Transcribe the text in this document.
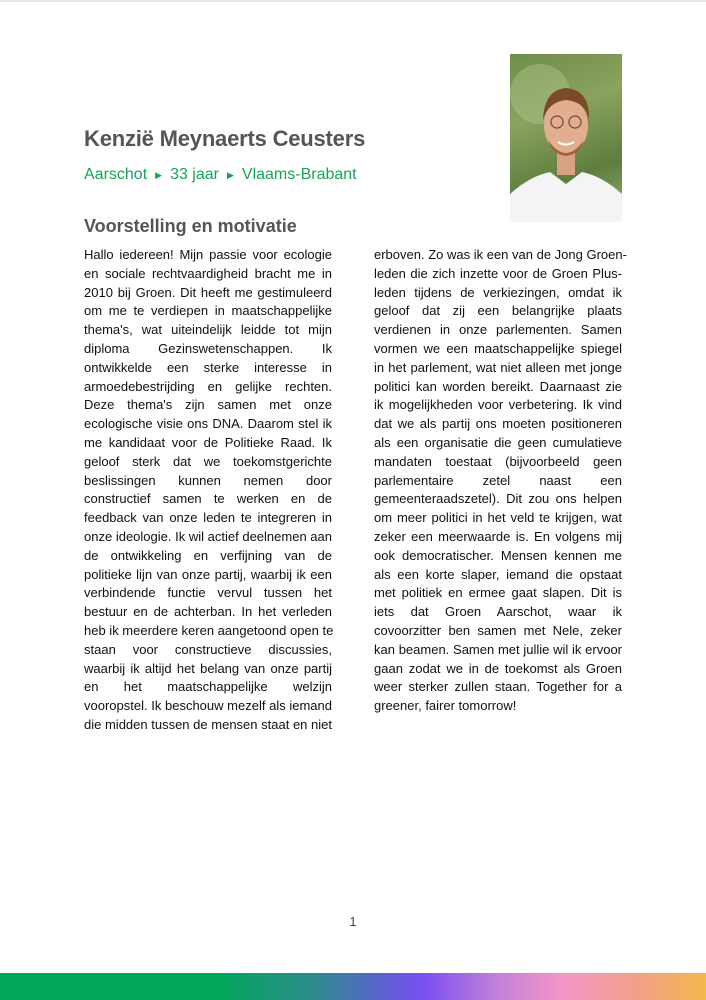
Kenzië Meynaerts Ceusters
Aarschot ▶ 33 jaar ▶ Vlaams-Brabant
Voorstelling en motivatie
Hallo iedereen! Mijn passie voor ecologie
en sociale rechtvaardigheid bracht me in
2010 bij Groen. Dit heeft me gestimuleerd
om me te verdiepen in maatschappelijke
thema's, wat uiteindelijk leidde tot mijn
diploma Gezinswetenschappen. Ik
ontwikkelde een sterke interesse in
armoedebestrijding en gelijke rechten.
Deze thema's zijn samen met onze
ecologische visie ons DNA. Daarom stel ik
me kandidaat voor de Politieke Raad. Ik
geloof sterk dat we toekomstgerichte
beslissingen kunnen nemen door
constructief samen te werken en de
feedback van onze leden te integreren in
onze ideologie. Ik wil actief deelnemen aan
de ontwikkeling en verfijning van de
politieke lijn van onze partij, waarbij ik een
verbindende functie vervul tussen het
bestuur en de achterban. In het verleden
heb ik meerdere keren aangetoond open te
staan voor constructieve discussies,
waarbij ik altijd het belang van onze partij
en het maatschappelijke welzijn
vooropstel. Ik beschouw mezelf als iemand
die midden tussen de mensen staat en niet
erboven. Zo was ik een van de Jong Groen-
leden die zich inzette voor de Groen Plus-
leden tijdens de verkiezingen, omdat ik
geloof dat zij een belangrijke plaats
verdienen in onze parlementen. Samen
vormen we een maatschappelijke spiegel
in het parlement, wat niet alleen met jonge
politici kan worden bereikt. Daarnaast zie
ik mogelijkheden voor verbetering. Ik vind
dat we als partij ons moeten positioneren
als een organisatie die geen cumulatieve
mandaten toestaat (bijvoorbeeld geen
parlementaire zetel naast een
gemeenteraadszetel). Dit zou ons helpen
om meer politici in het veld te krijgen, wat
zeker een meerwaarde is. En volgens mij
ook democratischer. Mensen kennen me
als een korte slaper, iemand die opstaat
met politiek en ermee gaat slapen. Dit is
iets dat Groen Aarschot, waar ik
covoorzitter ben samen met Nele, zeker
kan beamen. Samen met jullie wil ik ervoor
gaan zodat we in de toekomst als Groen
weer sterker zullen staan. Together for a
greener, fairer tomorrow!
1
